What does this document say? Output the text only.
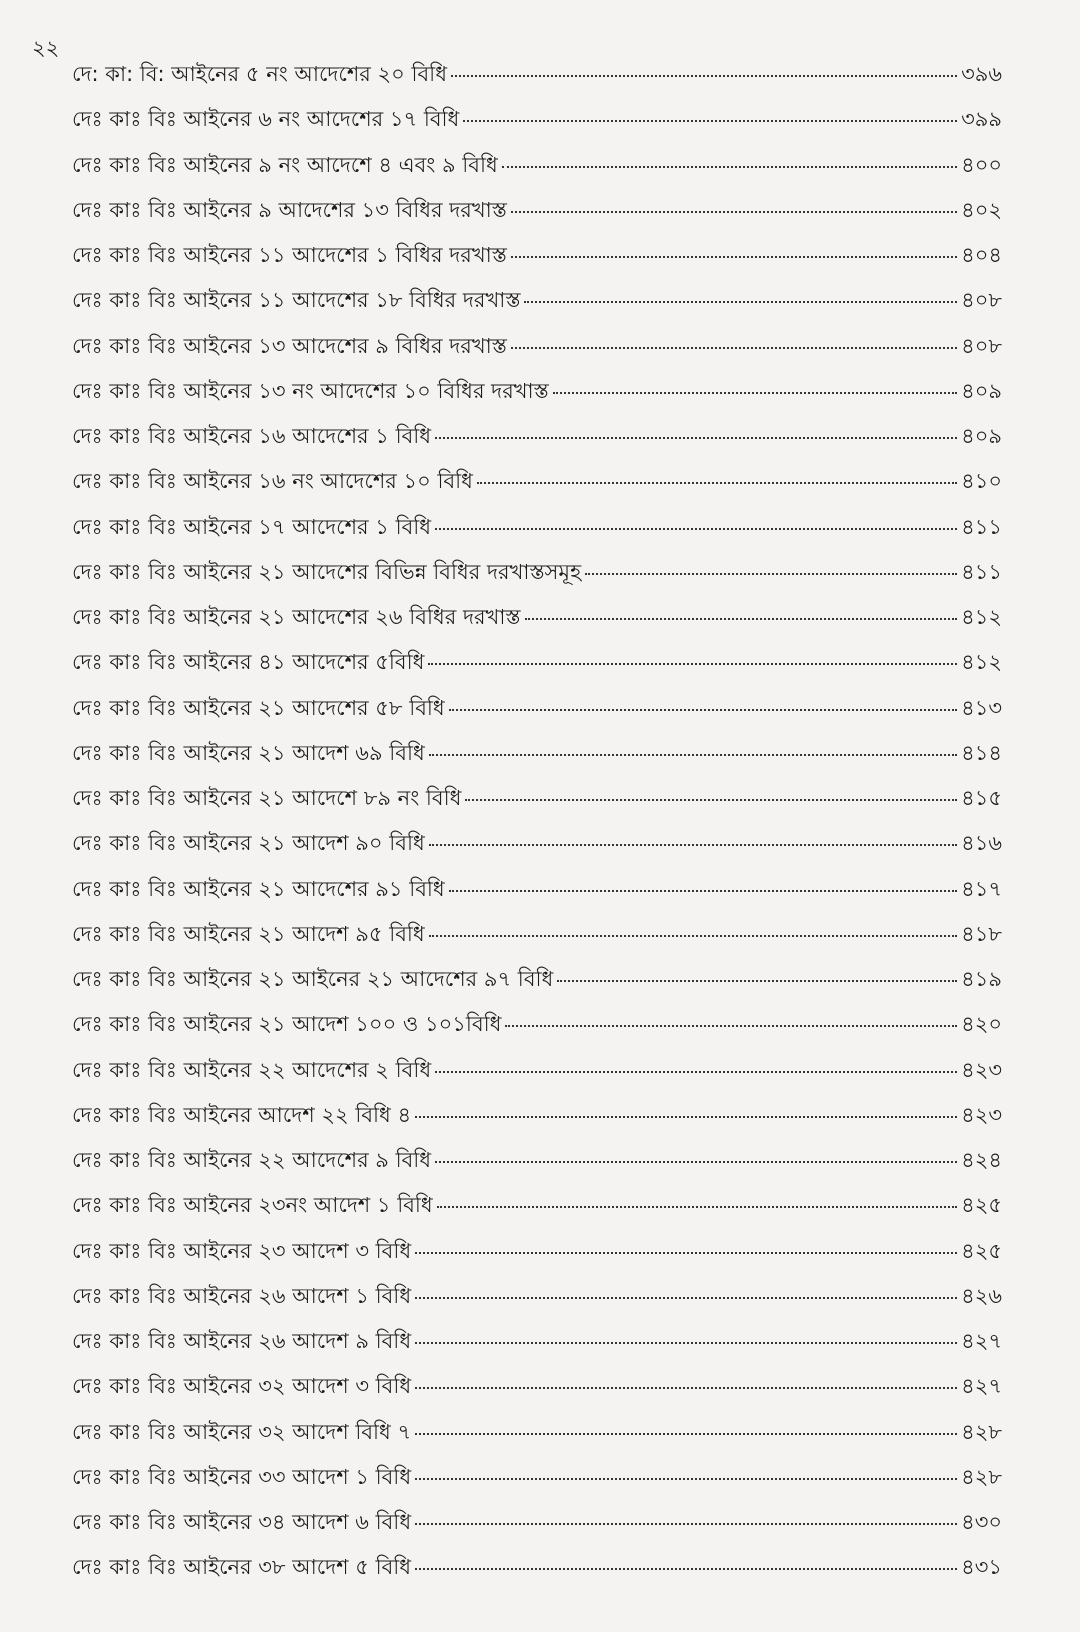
২২
দে: কা: বি: আইনের ৫ নং আদেশের ২০ বিধি	৩৯৬
দেঃ কাঃ বিঃ আইনের ৬ নং আদেশের ১৭ বিধি	৩৯৯
দেঃ কাঃ বিঃ আইনের ৯ নং আদেশে ৪ এবং ৯ বিধি	৪০০
দেঃ কাঃ বিঃ আইনের ৯ আদেশের ১৩ বিধির দরখাস্ত	৪০২
দেঃ কাঃ বিঃ আইনের ১১ আদেশের ১ বিধির দরখাস্ত	৪০৪
দেঃ কাঃ বিঃ আইনের ১১ আদেশের ১৮ বিধির দরখাস্ত	৪০৮
দেঃ কাঃ বিঃ আইনের ১৩ আদেশের ৯ বিধির দরখাস্ত	৪০৮
দেঃ কাঃ বিঃ আইনের ১৩ নং আদেশের ১০ বিধির দরখাস্ত	৪০৯
দেঃ কাঃ বিঃ আইনের ১৬ আদেশের ১ বিধি	৪০৯
দেঃ কাঃ বিঃ আইনের ১৬ নং আদেশের ১০ বিধি	৪১০
দেঃ কাঃ বিঃ আইনের ১৭ আদেশের ১ বিধি	৪১১
দেঃ কাঃ বিঃ আইনের ২১ আদেশের বিভিন্ন বিধির দরখাস্তসমূহ	৪১১
দেঃ কাঃ বিঃ আইনের ২১ আদেশের ২৬ বিধির দরখাস্ত	৪১২
দেঃ কাঃ বিঃ আইনের ৪১ আদেশের ৫বিধি	৪১২
দেঃ কাঃ বিঃ আইনের ২১ আদেশের ৫৮ বিধি	৪১৩
দেঃ কাঃ বিঃ আইনের ২১ আদেশ ৬৯ বিধি	৪১৪
দেঃ কাঃ বিঃ আইনের ২১ আদেশে ৮৯ নং বিধি	৪১৫
দেঃ কাঃ বিঃ আইনের ২১ আদেশ ৯০ বিধি	৪১৬
দেঃ কাঃ বিঃ আইনের ২১ আদেশের ৯১ বিধি	৪১৭
দেঃ কাঃ বিঃ আইনের ২১ আদেশ ৯৫ বিধি	৪১৮
দেঃ কাঃ বিঃ আইনের ২১ আইনের ২১ আদেশের ৯৭ বিধি	৪১৯
দেঃ কাঃ বিঃ আইনের ২১ আদেশ ১০০ ও ১০১বিধি	৪২০
দেঃ কাঃ বিঃ আইনের ২২ আদেশের ২ বিধি	৪২৩
দেঃ কাঃ বিঃ আইনের আদেশ ২২ বিধি ৪	৪২৩
দেঃ কাঃ বিঃ আইনের ২২ আদেশের ৯ বিধি	৪২৪
দেঃ কাঃ বিঃ আইনের ২৩নং আদেশ ১ বিধি	৪২৫
দেঃ কাঃ বিঃ আইনের ২৩ আদেশ ৩ বিধি	৪২৫
দেঃ কাঃ বিঃ আইনের ২৬ আদেশ ১ বিধি	৪২৬
দেঃ কাঃ বিঃ আইনের ২৬ আদেশ ৯ বিধি	৪২৭
দেঃ কাঃ বিঃ আইনের ৩২ আদেশ ৩ বিধি	৪২৭
দেঃ কাঃ বিঃ আইনের ৩২ আদেশ বিধি ৭	৪২৮
দেঃ কাঃ বিঃ আইনের ৩৩ আদেশ ১ বিধি	৪২৮
দেঃ কাঃ বিঃ আইনের ৩৪ আদেশ ৬ বিধি	৪৩০
দেঃ কাঃ বিঃ আইনের ৩৮ আদেশ ৫ বিধি	৪৩১
